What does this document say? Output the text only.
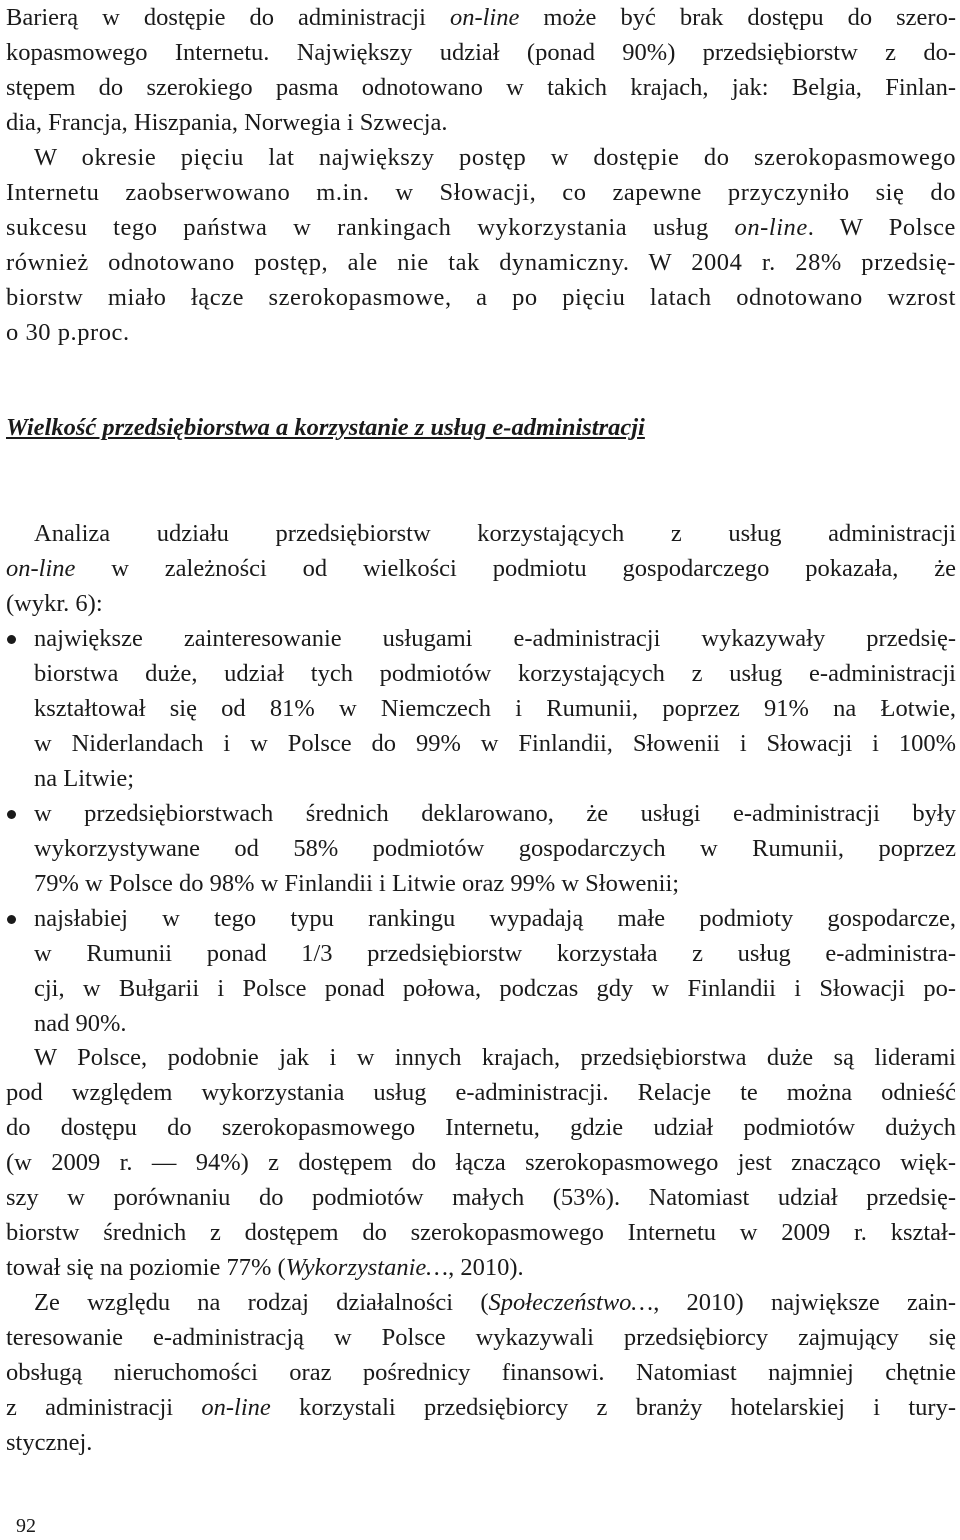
Barierą w dostępie do administracji on-line może być brak dostępu do szero-
kopasmowego Internetu. Największy udział (ponad 90%) przedsiębiorstw z do-
stępem do szerokiego pasma odnotowano w takich krajach, jak: Belgia, Finlan-
dia, Francja, Hiszpania, Norwegia i Szwecja.
W okresie pięciu lat największy postęp w dostępie do szerokopasmowego
Internetu zaobserwowano m.in. w Słowacji, co zapewne przyczyniło się do
sukcesu tego państwa w rankingach wykorzystania usług on-line. W Polsce
również odnotowano postęp, ale nie tak dynamiczny. W 2004 r. 28% przedsię-
biorstw miało łącze szerokopasmowe, a po pięciu latach odnotowano wzrost
o 30 p.proc.
Wielkość przedsiębiorstwa a korzystanie z usług e-administracji
Analiza udziału przedsiębiorstw korzystających z usług administracji
on-line w zależności od wielkości podmiotu gospodarczego pokazała, że
(wykr. 6):
największe zainteresowanie usługami e-administracji wykazywały przedsię-
biorstwa duże, udział tych podmiotów korzystających z usług e-administracji
kształtował się od 81% w Niemczech i Rumunii, poprzez 91% na Łotwie,
w Niderlandach i w Polsce do 99% w Finlandii, Słowenii i Słowacji i 100%
na Litwie;
w przedsiębiorstwach średnich deklarowano, że usługi e-administracji były
wykorzystywane od 58% podmiotów gospodarczych w Rumunii, poprzez
79% w Polsce do 98% w Finlandii i Litwie oraz 99% w Słowenii;
najsłabiej w tego typu rankingu wypadają małe podmioty gospodarcze,
w Rumunii ponad 1/3 przedsiębiorstw korzystała z usług e-administra-
cji, w Bułgarii i Polsce ponad połowa, podczas gdy w Finlandii i Słowacji po-
nad 90%.
W Polsce, podobnie jak i w innych krajach, przedsiębiorstwa duże są liderami
pod względem wykorzystania usług e-administracji. Relacje te można odnieść
do dostępu do szerokopasmowego Internetu, gdzie udział podmiotów dużych
(w 2009 r. — 94%) z dostępem do łącza szerokopasmowego jest znacząco więk-
szy w porównaniu do podmiotów małych (53%). Natomiast udział przedsię-
biorstw średnich z dostępem do szerokopasmowego Internetu w 2009 r. kształ-
tował się na poziomie 77% (Wykorzystanie…, 2010).
Ze względu na rodzaj działalności (Społeczeństwo…, 2010) największe zain-
teresowanie e-administracją w Polsce wykazywali przedsiębiorcy zajmujący się
obsługą nieruchomości oraz pośrednicy finansowi. Natomiast najmniej chętnie
z administracji on-line korzystali przedsiębiorcy z branży hotelarskiej i tury-
stycznej.
92
